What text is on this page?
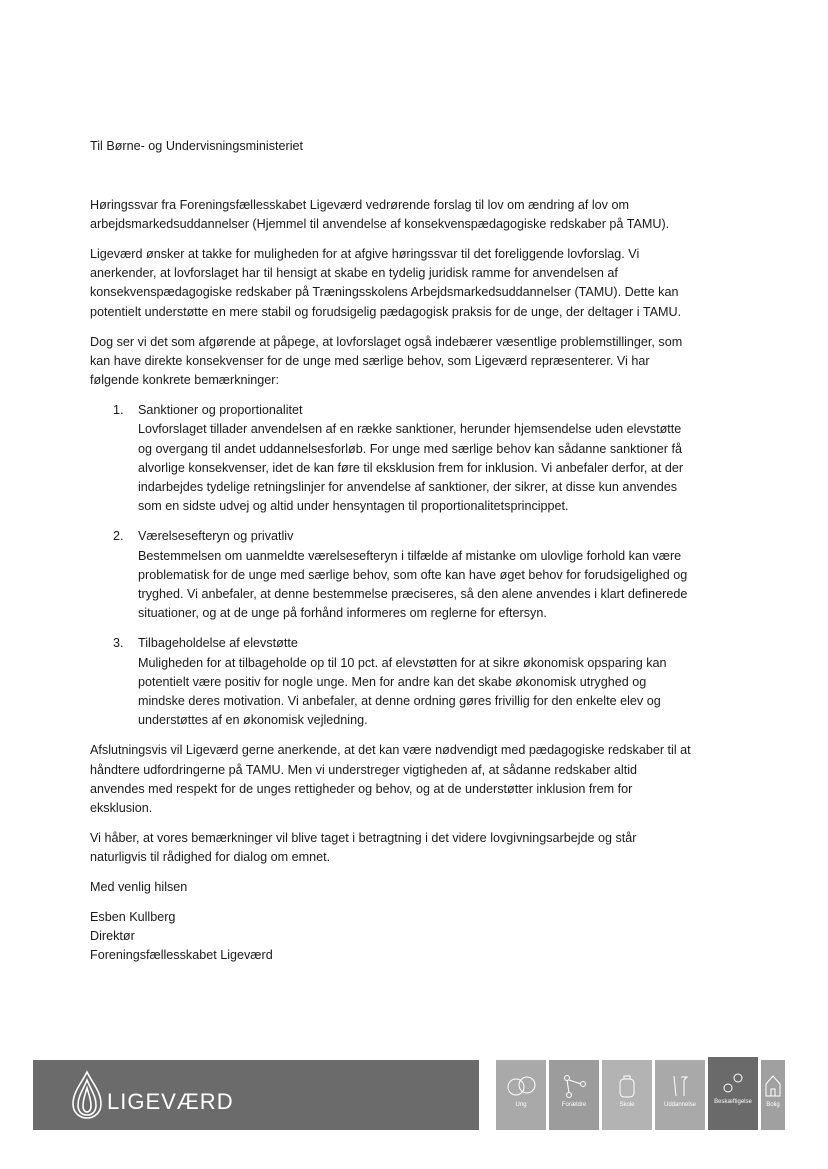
Til Børne- og Undervisningsministeriet
Høringssvar fra Foreningsfællesskabet Ligeværd vedrørende forslag til lov om ændring af lov om
arbejdsmarkedsuddannelser (Hjemmel til anvendelse af konsekvenspædagogiske redskaber på TAMU).
Ligeværd ønsker at takke for muligheden for at afgive høringssvar til det foreliggende lovforslag. Vi
anerkender, at lovforslaget har til hensigt at skabe en tydelig juridisk ramme for anvendelsen af
konsekvenspædagogiske redskaber på Træningsskolens Arbejdsmarkedsuddannelser (TAMU). Dette kan
potentielt understøtte en mere stabil og forudsigelig pædagogisk praksis for de unge, der deltager i TAMU.
Dog ser vi det som afgørende at påpege, at lovforslaget også indebærer væsentlige problemstillinger, som
kan have direkte konsekvenser for de unge med særlige behov, som Ligeværd repræsenterer. Vi har
følgende konkrete bemærkninger:
1. Sanktioner og proportionalitet
Lovforslaget tillader anvendelsen af en række sanktioner, herunder hjemsendelse uden elevstøtte
og overgang til andet uddannelsesforløb. For unge med særlige behov kan sådanne sanktioner få
alvorlige konsekvenser, idet de kan føre til eksklusion frem for inklusion. Vi anbefaler derfor, at der
indarbejdes tydelige retningslinjer for anvendelse af sanktioner, der sikrer, at disse kun anvendes
som en sidste udvej og altid under hensyntagen til proportionalitetsprincippet.
2. Værelsesefteryn og privatliv
Bestemmelsen om uanmeldte værelsesefteryn i tilfælde af mistanke om ulovlige forhold kan være
problematisk for de unge med særlige behov, som ofte kan have øget behov for forudsigelighed og
tryghed. Vi anbefaler, at denne bestemmelse præciseres, så den alene anvendes i klart definerede
situationer, og at de unge på forhånd informeres om reglerne for eftersyn.
3. Tilbageholdelse af elevstøtte
Muligheden for at tilbageholde op til 10 pct. af elevstøtten for at sikre økonomisk opsparing kan
potentielt være positiv for nogle unge. Men for andre kan det skabe økonomisk utryghed og
mindske deres motivation. Vi anbefaler, at denne ordning gøres frivillig for den enkelte elev og
understøttes af en økonomisk vejledning.
Afslutningsvis vil Ligeværd gerne anerkende, at det kan være nødvendigt med pædagogiske redskaber til at
håndtere udfordringerne på TAMU. Men vi understreger vigtigheden af, at sådanne redskaber altid
anvendes med respekt for de unges rettigheder og behov, og at de understøtter inklusion frem for
eksklusion.
Vi håber, at vores bemærkninger vil blive taget i betragtning i det videre lovgivningsarbejde og står
naturligvis til rådighed for dialog om emnet.
Med venlig hilsen
Esben Kullberg
Direktør
Foreningsfællesskabet Ligeværd
LIGEVÆRD	Ung	Forældre	Skole	Uddannelse	Beskæftigelse	Bolig
